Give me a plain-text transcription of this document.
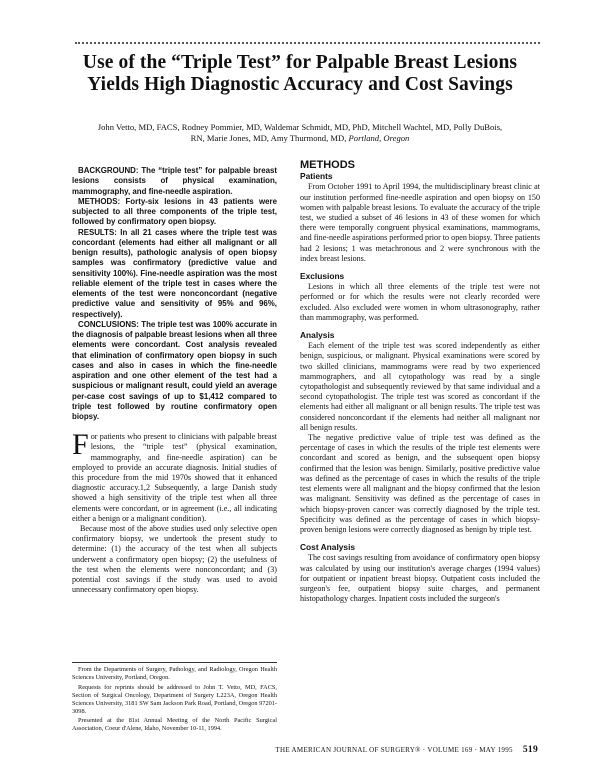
Use of the “Triple Test” for Palpable Breast Lesions Yields High Diagnostic Accuracy and Cost Savings
John Vetto, MD, FACS, Rodney Pommier, MD, Waldemar Schmidt, MD, PhD, Mitchell Wachtel, MD, Polly DuBois, RN, Marie Jones, MD, Amy Thurmond, MD, Portland, Oregon

BACKGROUND: The “triple test” for palpable breast lesions consists of physical examination, mammography, and fine-needle aspiration.

METHODS: Forty-six lesions in 43 patients were subjected to all three components of the triple test, followed by confirmatory open biopsy.

RESULTS: In all 21 cases where the triple test was concordant (elements had either all malignant or all benign results), pathologic analysis of open biopsy samples was confirmatory (predictive value and sensitivity 100%). Fine-needle aspiration was the most reliable element of the triple test in cases where the elements of the test were nonconcordant (negative predictive value and sensitivity of 95% and 96%, respectively).

CONCLUSIONS: The triple test was 100% accurate in the diagnosis of palpable breast lesions when all three elements were concordant. Cost analysis revealed that elimination of confirmatory open biopsy in such cases and also in cases in which the fine-needle aspiration and one other element of the test had a suspicious or malignant result, could yield an average per-case cost savings of up to $1,412 compared to triple test followed by routine confirmatory open biopsy.

For patients who present to clinicians with palpable breast lesions, the “triple test” (physical examination, mammography, and fine-needle aspiration) can be employed to provide an accurate diagnosis. Initial studies of this procedure from the mid 1970s showed that it enhanced diagnostic accuracy.1,2 Subsequently, a large Danish study showed a high sensitivity of the triple test when all three elements were concordant, or in agreement (i.e., all indicating either a benign or a malignant condition).

Because most of the above studies used only selective open confirmatory biopsy, we undertook the present study to determine: (1) the accuracy of the test when all subjects underwent a confirmatory open biopsy; (2) the usefulness of the test when the elements were nonconcordant; and (3) potential cost savings if the study was used to avoid unnecessary confirmatory open biopsy.

From the Departments of Surgery, Pathology, and Radiology, Oregon Health Sciences University, Portland, Oregon.

Requests for reprints should be addressed to John T. Vetto, MD, FACS, Section of Surgical Oncology, Department of Surgery L223A, Oregon Health Sciences University, 3181 SW Sam Jackson Park Road, Portland, Oregon 97201-3098.

Presented at the 81st Annual Meeting of the North Pacific Surgical Association, Coeur d'Alene, Idaho, November 10-11, 1994.

METHODS
Patients

From October 1991 to April 1994, the multidisciplinary breast clinic at our institution performed fine-needle aspiration and open biopsy on 150 women with palpable breast lesions. To evaluate the accuracy of the triple test, we studied a subset of 46 lesions in 43 of these women for which there were temporally congruent physical examinations, mammograms, and fine-needle aspirations performed prior to open biopsy. Three patients had 2 lesions; 1 was metachronous and 2 were synchronous with the index breast lesions.

Exclusions

Lesions in which all three elements of the triple test were not performed or for which the results were not clearly recorded were excluded. Also excluded were women in whom ultrasonography, rather than mammography, was performed.

Analysis

Each element of the triple test was scored independently as either benign, suspicious, or malignant. Physical examinations were scored by two skilled clinicians, mammograms were read by two experienced mammographers, and all cytopathology was read by a single cytopathologist and subsequently reviewed by that same individual and a second cytopathologist. The triple test was scored as concordant if the elements had either all malignant or all benign results. The triple test was considered nonconcordant if the elements had neither all malignant nor all benign results.

The negative predictive value of triple test was defined as the percentage of cases in which the results of the triple test elements were concordant and scored as benign, and the subsequent open biopsy confirmed that the lesion was benign. Similarly, positive predictive value was defined as the percentage of cases in which the results of the triple test elements were all malignant and the biopsy confirmed that the lesion was malignant. Sensitivity was defined as the percentage of cases in which biopsy-proven cancer was correctly diagnosed by the triple test. Specificity was defined as the percentage of cases in which biopsy-proven benign lesions were correctly diagnosed as benign by triple test.

Cost Analysis

The cost savings resulting from avoidance of confirmatory open biopsy was calculated by using our institution's average charges (1994 values) for outpatient or inpatient breast biopsy. Outpatient costs included the surgeon's fee, outpatient biopsy suite charges, and permanent histopathology charges. Inpatient costs included the surgeon's

THE AMERICAN JOURNAL OF SURGERY® · VOLUME 169 · MAY 1995 519
